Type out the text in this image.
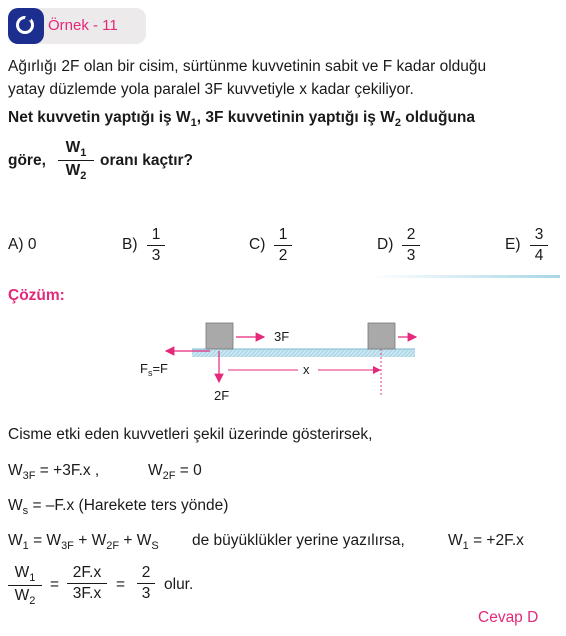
Örnek - 11
Ağırlığı 2F olan bir cisim, sürtünme kuvvetinin sabit ve F kadar olduğu
yatay düzlemde yola paralel 3F kuvvetiyle x kadar çekiliyor.
Net kuvvetin yaptığı iş $W_1$, 3F kuvvetinin yaptığı iş $W_2$ olduğuna
göre,
$W_1$
$W_2$
oranı kaçtır?
A) 0	B)
1
3
C)
1
2
D)
2
3
E)
3
4
Çözüm:
3F
$F_s=F$
2F
x
Cisme etki eden kuvvetleri şekil üzerinde gösterirsek,
$W_{3F} = +3F.x$ ,	$W_{2F} = 0$
$W_s = -F.x$ (Harekete ters yönde)
$W_1 = W_{3F} + W_{2F} + W_S$ de büyüklükler yerine yazılırsa,	$W_1 = +2F.x$
$W_1$
$W_2$
=
2F.x
3F.x
=
2
3
olur.
Cevap D
